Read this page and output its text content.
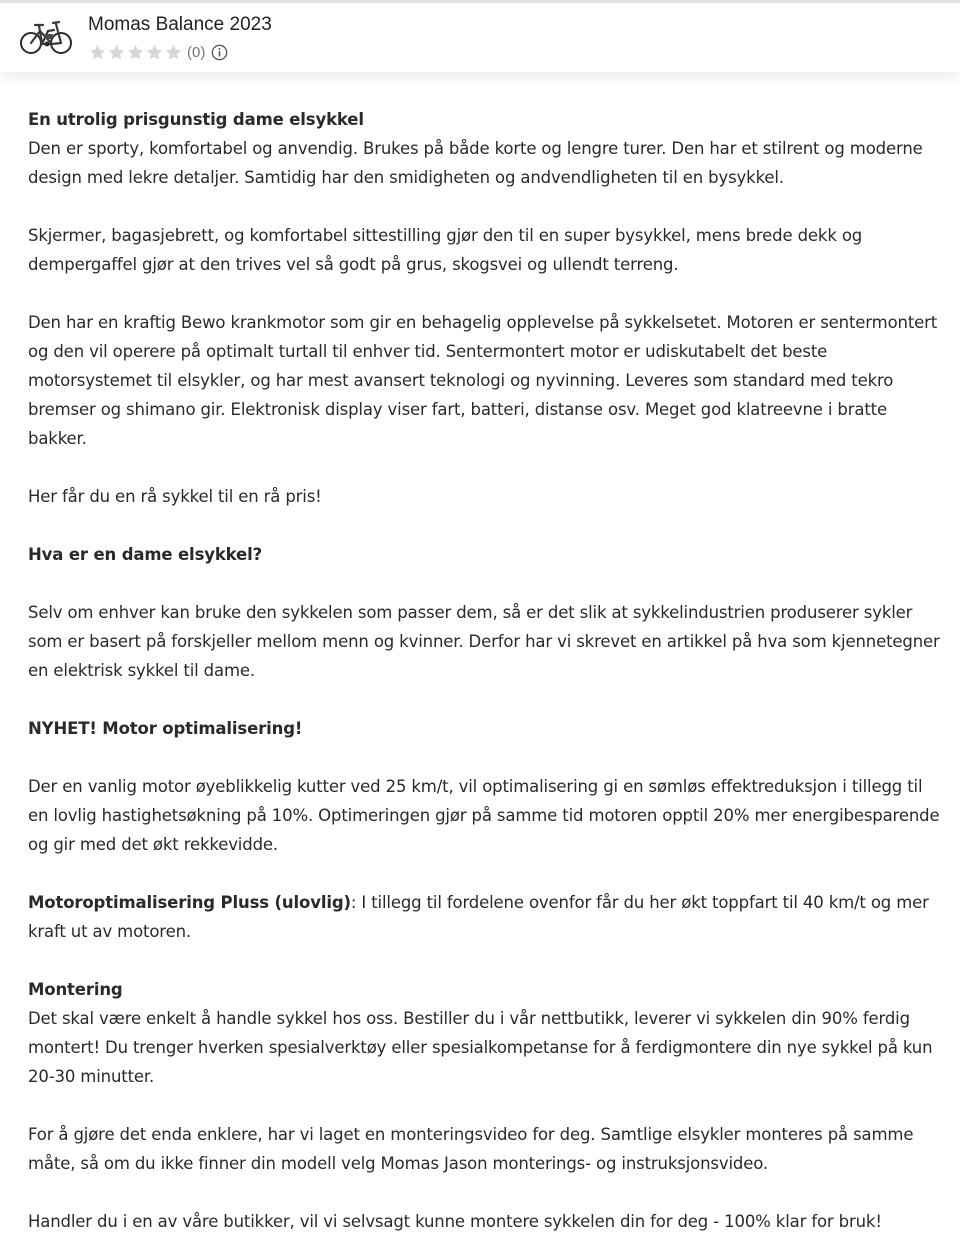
Momas Balance 2023
(0)

En utrolig prisgunstig dame elsykkel

Den er sporty, komfortabel og anvendig. Brukes på både korte og lengre turer. Den har et stilrent og moderne design med lekre detaljer. Samtidig har den smidigheten og andvendligheten til en bysykkel.

Skjermer, bagasjebrett, og komfortabel sittestilling gjør den til en super bysykkel, mens brede dekk og dempergaffel gjør at den trives vel så godt på grus, skogsvei og ullendt terreng.

Den har en kraftig Bewo krankmotor som gir en behagelig opplevelse på sykkelsetet. Motoren er sentermontert og den vil operere på optimalt turtall til enhver tid. Sentermontert motor er udiskutabelt det beste motorsystemet til elsykler, og har mest avansert teknologi og nyvinning. Leveres som standard med tekro bremser og shimano gir. Elektronisk display viser fart, batteri, distanse osv. Meget god klatreevne i bratte bakker.

Her får du en rå sykkel til en rå pris!

Hva er en dame elsykkel?

Selv om enhver kan bruke den sykkelen som passer dem, så er det slik at sykkelindustrien produserer sykler som er basert på forskjeller mellom menn og kvinner. Derfor har vi skrevet en artikkel på hva som kjennetegner en elektrisk sykkel til dame.

NYHET! Motor optimalisering!

Der en vanlig motor øyeblikkelig kutter ved 25 km/t, vil optimalisering gi en sømløs effektreduksjon i tillegg til en lovlig hastighetsøkning på 10%. Optimeringen gjør på samme tid motoren opptil 20% mer energibesparende og gir med det økt rekkevidde.

Motoroptimalisering Pluss (ulovlig): I tillegg til fordelene ovenfor får du her økt toppfart til 40 km/t og mer kraft ut av motoren.

Montering

Det skal være enkelt å handle sykkel hos oss. Bestiller du i vår nettbutikk, leverer vi sykkelen din 90% ferdig montert! Du trenger hverken spesialverktøy eller spesialkompetanse for å ferdigmontere din nye sykkel på kun 20-30 minutter.

For å gjøre det enda enklere, har vi laget en monteringsvideo for deg. Samtlige elsykler monteres på samme måte, så om du ikke finner din modell velg Momas Jason monterings- og instruksjonsvideo.

Handler du i en av våre butikker, vil vi selvsagt kunne montere sykkelen din for deg - 100% klar for bruk!
